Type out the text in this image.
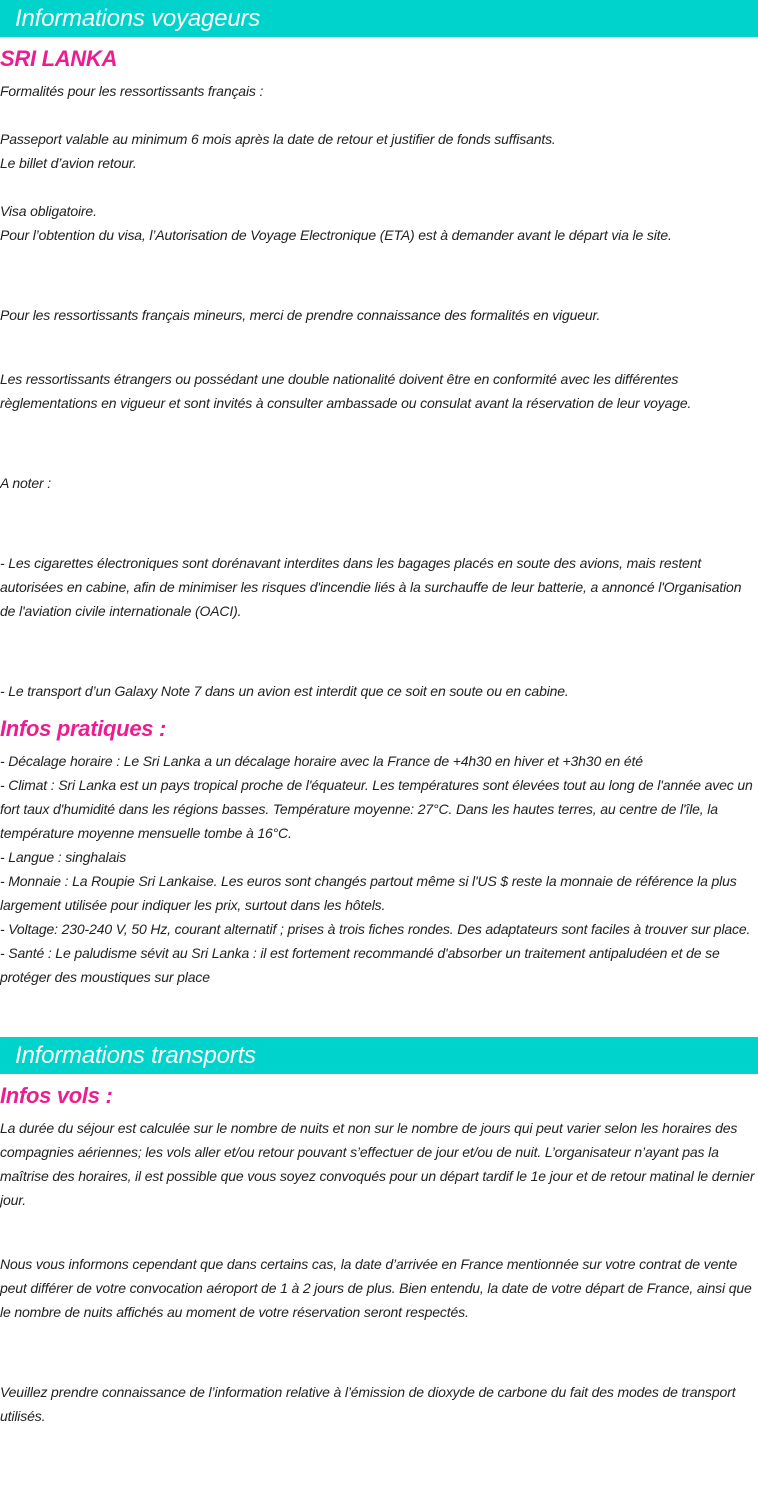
Informations voyageurs
SRI LANKA
Formalités pour les ressortissants français :
Passeport valable au minimum 6 mois après la date de retour et justifier de fonds suffisants.
Le billet d’avion retour.
Visa obligatoire.
Pour l’obtention du visa, l’Autorisation de Voyage Electronique (ETA) est à demander avant le départ via le site.
Pour les ressortissants français mineurs, merci de prendre connaissance des formalités en vigueur.
Les ressortissants étrangers ou possédant une double nationalité doivent être en conformité avec les différentes règlementations en vigueur et sont invités à consulter ambassade ou consulat avant la réservation de leur voyage.
A noter :
- Les cigarettes électroniques sont dorénavant interdites dans les bagages placés en soute des avions, mais restent autorisées en cabine, afin de minimiser les risques d'incendie liés à la surchauffe de leur batterie, a annoncé l'Organisation de l'aviation civile internationale (OACI).
- Le transport d’un Galaxy Note 7 dans un avion est interdit que ce soit en soute ou en cabine.
Infos pratiques :
- Décalage horaire : Le Sri Lanka a un décalage horaire avec la France de +4h30 en hiver et +3h30 en été
- Climat : Sri Lanka est un pays tropical proche de l'équateur. Les températures sont élevées tout au long de l'année avec un fort taux d'humidité dans les régions basses. Température moyenne: 27°C. Dans les hautes terres, au centre de l'île, la température moyenne mensuelle tombe à 16°C.
- Langue : singhalais
- Monnaie : La Roupie Sri Lankaise. Les euros sont changés partout même si l'US $ reste la monnaie de référence la plus largement utilisée pour indiquer les prix, surtout dans les hôtels.
- Voltage: 230-240 V, 50 Hz, courant alternatif ; prises à trois fiches rondes. Des adaptateurs sont faciles à trouver sur place.
- Santé : Le paludisme sévit au Sri Lanka : il est fortement recommandé d'absorber un traitement antipaludéen et de se protéger des moustiques sur place
Informations transports
Infos vols :
La durée du séjour est calculée sur le nombre de nuits et non sur le nombre de jours qui peut varier selon les horaires des compagnies aériennes; les vols aller et/ou retour pouvant s’effectuer de jour et/ou de nuit. L’organisateur n’ayant pas la maîtrise des horaires, il est possible que vous soyez convoqués pour un départ tardif le 1e jour et de retour matinal le dernier jour.
Nous vous informons cependant que dans certains cas, la date d’arrivée en France mentionnée sur votre contrat de vente peut différer de votre convocation aéroport de 1 à 2 jours de plus. Bien entendu, la date de votre départ de France, ainsi que le nombre de nuits affichés au moment de votre réservation seront respectés.
Veuillez prendre connaissance de l’information relative à l’émission de dioxyde de carbone du fait des modes de transport utilisés.
